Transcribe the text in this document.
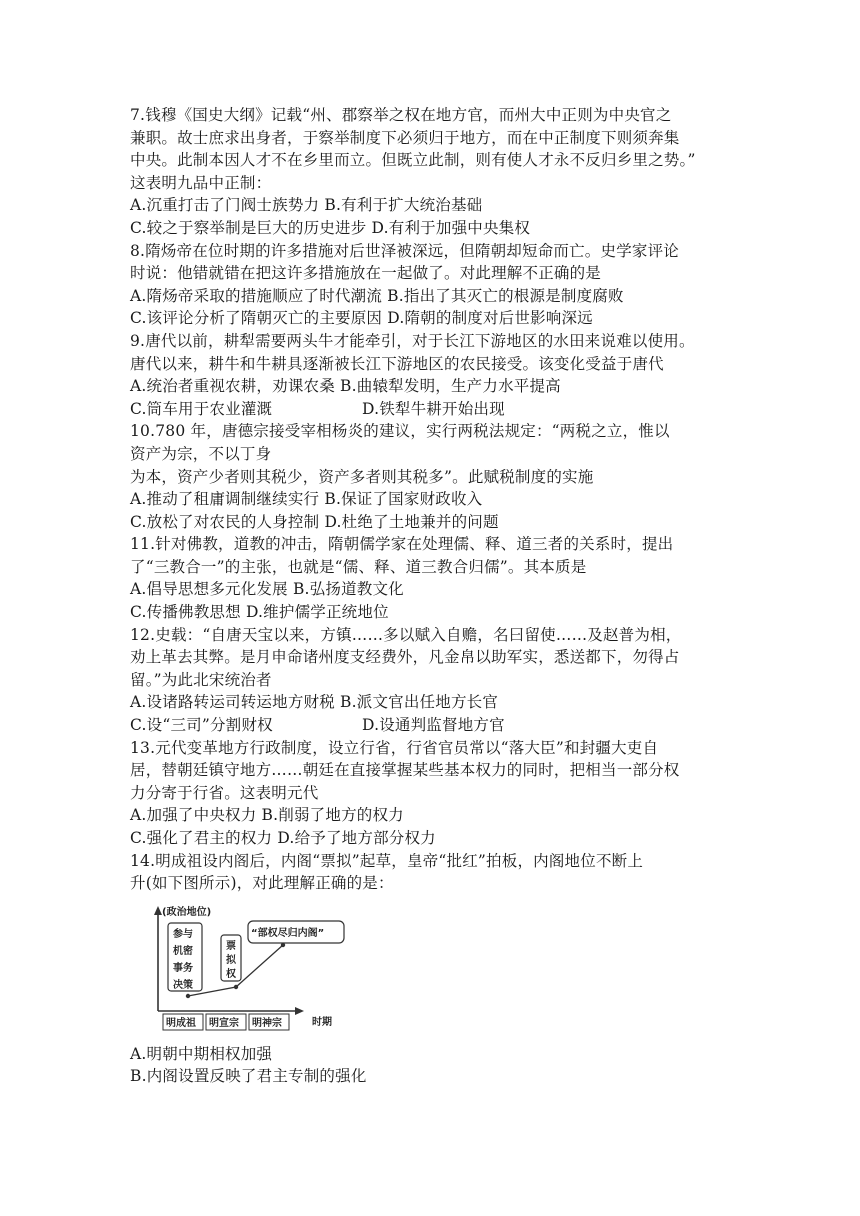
7.钱穆《国史大纲》记载“州、郡察举之权在地方官，而州大中正则为中央官之
兼职。故士庶求出身者，于察举制度下必须归于地方，而在中正制度下则须奔集
中央。此制本因人才不在乡里而立。但既立此制，则有使人才永不反归乡里之势。”
这表明九品中正制：
A.沉重打击了门阀士族势力 B.有利于扩大统治基础
C.较之于察举制是巨大的历史进步 D.有利于加强中央集权
8.隋炀帝在位时期的许多措施对后世泽被深远，但隋朝却短命而亡。史学家评论
时说：他错就错在把这许多措施放在一起做了。对此理解不正确的是
A.隋炀帝采取的措施顺应了时代潮流 B.指出了其灭亡的根源是制度腐败
C.该评论分析了隋朝灭亡的主要原因 D.隋朝的制度对后世影响深远
9.唐代以前，耕犁需要两头牛才能牵引，对于长江下游地区的水田来说难以使用。
唐代以来，耕牛和牛耕具逐渐被长江下游地区的农民接受。该变化受益于唐代
A.统治者重视农耕，劝课农桑 B.曲辕犁发明，生产力水平提高
C.筒车用于农业灌溉	D.铁犁牛耕开始出现
10.780 年，唐德宗接受宰相杨炎的建议，实行两税法规定：“两税之立，惟以
资产为宗，不以丁身
为本，资产少者则其税少，资产多者则其税多”。此赋税制度的实施
A.推动了租庸调制继续实行 B.保证了国家财政收入
C.放松了对农民的人身控制 D.杜绝了土地兼并的问题
11.针对佛教，道教的冲击，隋朝儒学家在处理儒、释、道三者的关系时，提出
了“三教合一”的主张，也就是“儒、释、道三教合归儒”。其本质是
A.倡导思想多元化发展 B.弘扬道教文化
C.传播佛教思想 D.维护儒学正统地位
12.史载：“自唐天宝以来，方镇……多以赋入自赡，名曰留使……及赵普为相，
劝上革去其弊。是月申命诸州度支经费外，凡金帛以助军实，悉送都下，勿得占
留。”为此北宋统治者
A.设诸路转运司转运地方财税 B.派文官出任地方长官
C.设“三司”分割财权	D.设通判监督地方官
13.元代变革地方行政制度，设立行省，行省官员常以“落大臣”和封疆大吏自
居，替朝廷镇守地方……朝廷在直接掌握某些基本权力的同时，把相当一部分权
力分寄于行省。这表明元代
A.加强了中央权力 B.削弱了地方的权力
C.强化了君主的权力 D.给予了地方部分权力
14.明成祖设内阁后，内阁“票拟”起草，皇帝“批红”拍板，内阁地位不断上
升(如下图所示)，对此理解正确的是：
(政治地位)
时期
参与
机密
事务
决策
票
拟
权
“部权尽归内阁”
明成祖 明宣宗 明神宗
A.明朝中期相权加强
B.内阁设置反映了君主专制的强化
